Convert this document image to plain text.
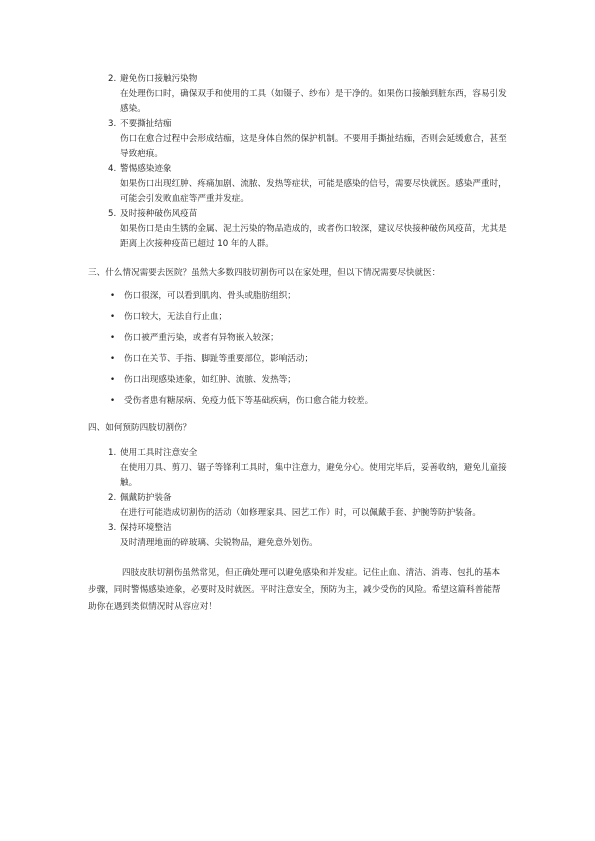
2. 避免伤口接触污染物
在处理伤口时，确保双手和使用的工具（如镊子、纱布）是干净的。如果伤口接触到脏东西，容易引发感染。
3. 不要撕扯结痂
伤口在愈合过程中会形成结痂，这是身体自然的保护机制。不要用手撕扯结痂，否则会延缓愈合，甚至导致疤痕。
4. 警惕感染迹象
如果伤口出现红肿、疼痛加剧、流脓、发热等症状，可能是感染的信号，需要尽快就医。感染严重时，可能会引发败血症等严重并发症。
5. 及时接种破伤风疫苗
如果伤口是由生锈的金属、泥土污染的物品造成的，或者伤口较深，建议尽快接种破伤风疫苗，尤其是距离上次接种疫苗已超过 10 年的人群。
三、什么情况需要去医院？虽然大多数四肢切割伤可以在家处理，但以下情况需要尽快就医：
• 伤口很深，可以看到肌肉、骨头或脂肪组织；
• 伤口较大，无法自行止血；
• 伤口被严重污染，或者有异物嵌入较深；
• 伤口在关节、手指、脚趾等重要部位，影响活动；
• 伤口出现感染迹象，如红肿、流脓、发热等；
• 受伤者患有糖尿病、免疫力低下等基础疾病，伤口愈合能力较差。
四、如何预防四肢切割伤？
1. 使用工具时注意安全
在使用刀具、剪刀、锯子等锋利工具时，集中注意力，避免分心。使用完毕后，妥善收纳，避免儿童接触。
2. 佩戴防护装备
在进行可能造成切割伤的活动（如修理家具、园艺工作）时，可以佩戴手套、护腕等防护装备。
3. 保持环境整洁
及时清理地面的碎玻璃、尖锐物品，避免意外划伤。
四肢皮肤切割伤虽然常见，但正确处理可以避免感染和并发症。记住止血、清洁、消毒、包扎的基本步骤，同时警惕感染迹象，必要时及时就医。平时注意安全，预防为主，减少受伤的风险。希望这篇科普能帮助你在遇到类似情况时从容应对！
